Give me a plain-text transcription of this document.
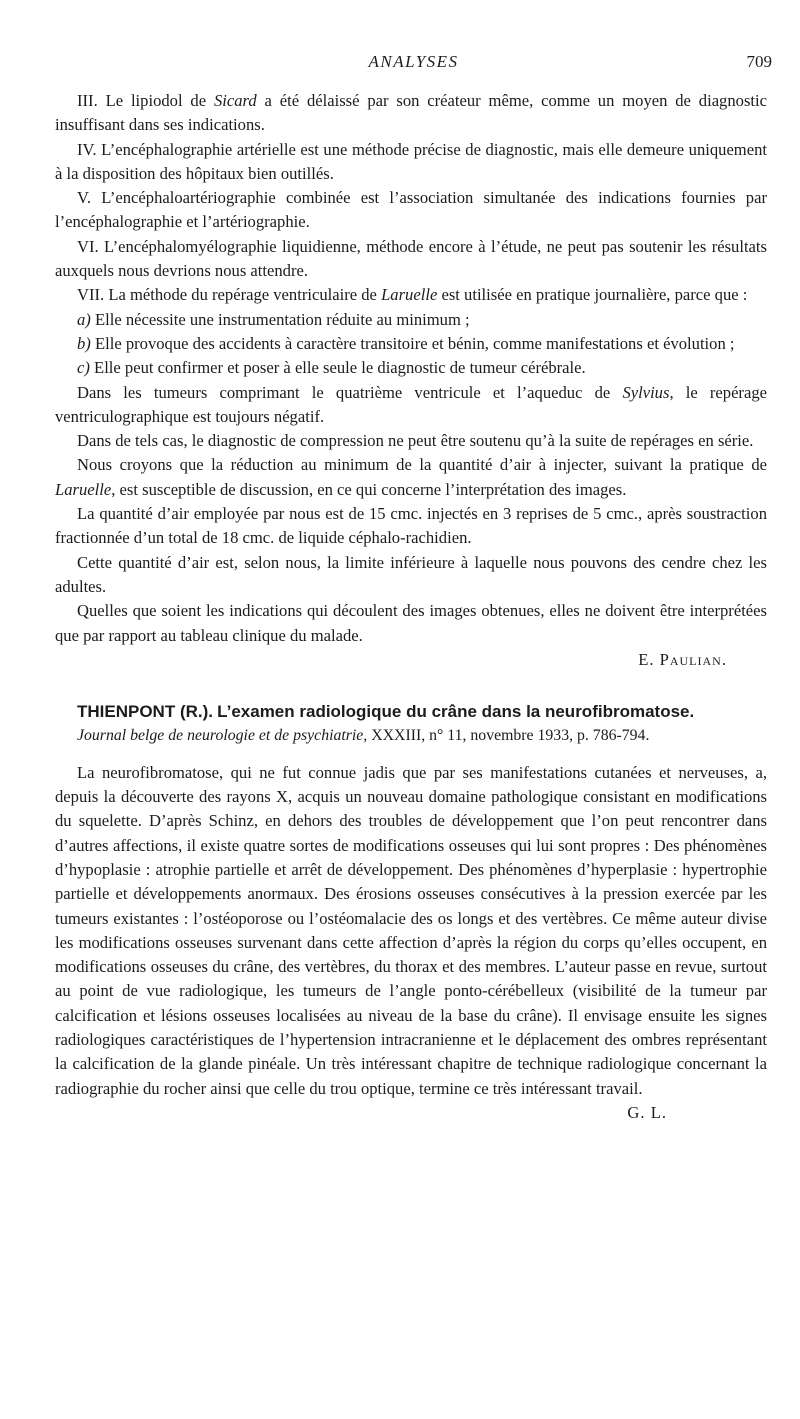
ANALYSES	709

III. Le lipiodol de Sicard a été délaissé par son créateur même, comme un moyen de diagnostic insuffisant dans ses indications.

IV. L’encéphalographie artérielle est une méthode précise de diagnostic, mais elle demeure uniquement à la disposition des hôpitaux bien outillés.

V. L’encéphaloartériographie combinée est l’association simultanée des indications fournies par l’encéphalographie et l’artériographie.

VI. L’encéphalomyélographie liquidienne, méthode encore à l’étude, ne peut pas soutenir les résultats auxquels nous devrions nous attendre.

VII. La méthode du repérage ventriculaire de Laruelle est utilisée en pratique journalière, parce que :

a) Elle nécessite une instrumentation réduite au minimum ;

b) Elle provoque des accidents à caractère transitoire et bénin, comme manifestations et évolution ;

c) Elle peut confirmer et poser à elle seule le diagnostic de tumeur cérébrale.

Dans les tumeurs comprimant le quatrième ventricule et l’aqueduc de Sylvius, le repérage ventriculographique est toujours négatif.

Dans de tels cas, le diagnostic de compression ne peut être soutenu qu’à la suite de repérages en série.

Nous croyons que la réduction au minimum de la quantité d’air à injecter, suivant la pratique de Laruelle, est susceptible de discussion, en ce qui concerne l’interprétation des images.

La quantité d’air employée par nous est de 15 cmc. injectés en 3 reprises de 5 cmc., après soustraction fractionnée d’un total de 18 cmc. de liquide céphalo-rachidien.

Cette quantité d’air est, selon nous, la limite inférieure à laquelle nous pouvons des cendre chez les adultes.

Quelles que soient les indications qui découlent des images obtenues, elles ne doivent être interprétées que par rapport au tableau clinique du malade.

E. Paulian.

THIENPONT (R.). L’examen radiologique du crâne dans la neurofibromatose.

Journal belge de neurologie et de psychiatrie, XXXIII, n° 11, novembre 1933, p. 786-794.

La neurofibromatose, qui ne fut connue jadis que par ses manifestations cutanées et nerveuses, a, depuis la découverte des rayons X, acquis un nouveau domaine pathologique consistant en modifications du squelette. D’après Schinz, en dehors des troubles de développement que l’on peut rencontrer dans d’autres affections, il existe quatre sortes de modifications osseuses qui lui sont propres : Des phénomènes d’hypoplasie : atrophie partielle et arrêt de développement. Des phénomènes d’hyperplasie : hypertrophie partielle et développements anormaux. Des érosions osseuses consécutives à la pression exercée par les tumeurs existantes : l’ostéoporose ou l’ostéomalacie des os longs et des vertèbres. Ce même auteur divise les modifications osseuses survenant dans cette affection d’après la région du corps qu’elles occupent, en modifications osseuses du crâne, des vertèbres, du thorax et des membres. L’auteur passe en revue, surtout au point de vue radiologique, les tumeurs de l’angle ponto-cérébelleux (visibilité de la tumeur par calcification et lésions osseuses localisées au niveau de la base du crâne). Il envisage ensuite les signes radiologiques caractéristiques de l’hypertension intracranienne et le déplacement des ombres représentant la calcification de la glande pinéale. Un très intéressant chapitre de technique radiologique concernant la radiographie du rocher ainsi que celle du trou optique, termine ce très intéressant travail.

G. L.
